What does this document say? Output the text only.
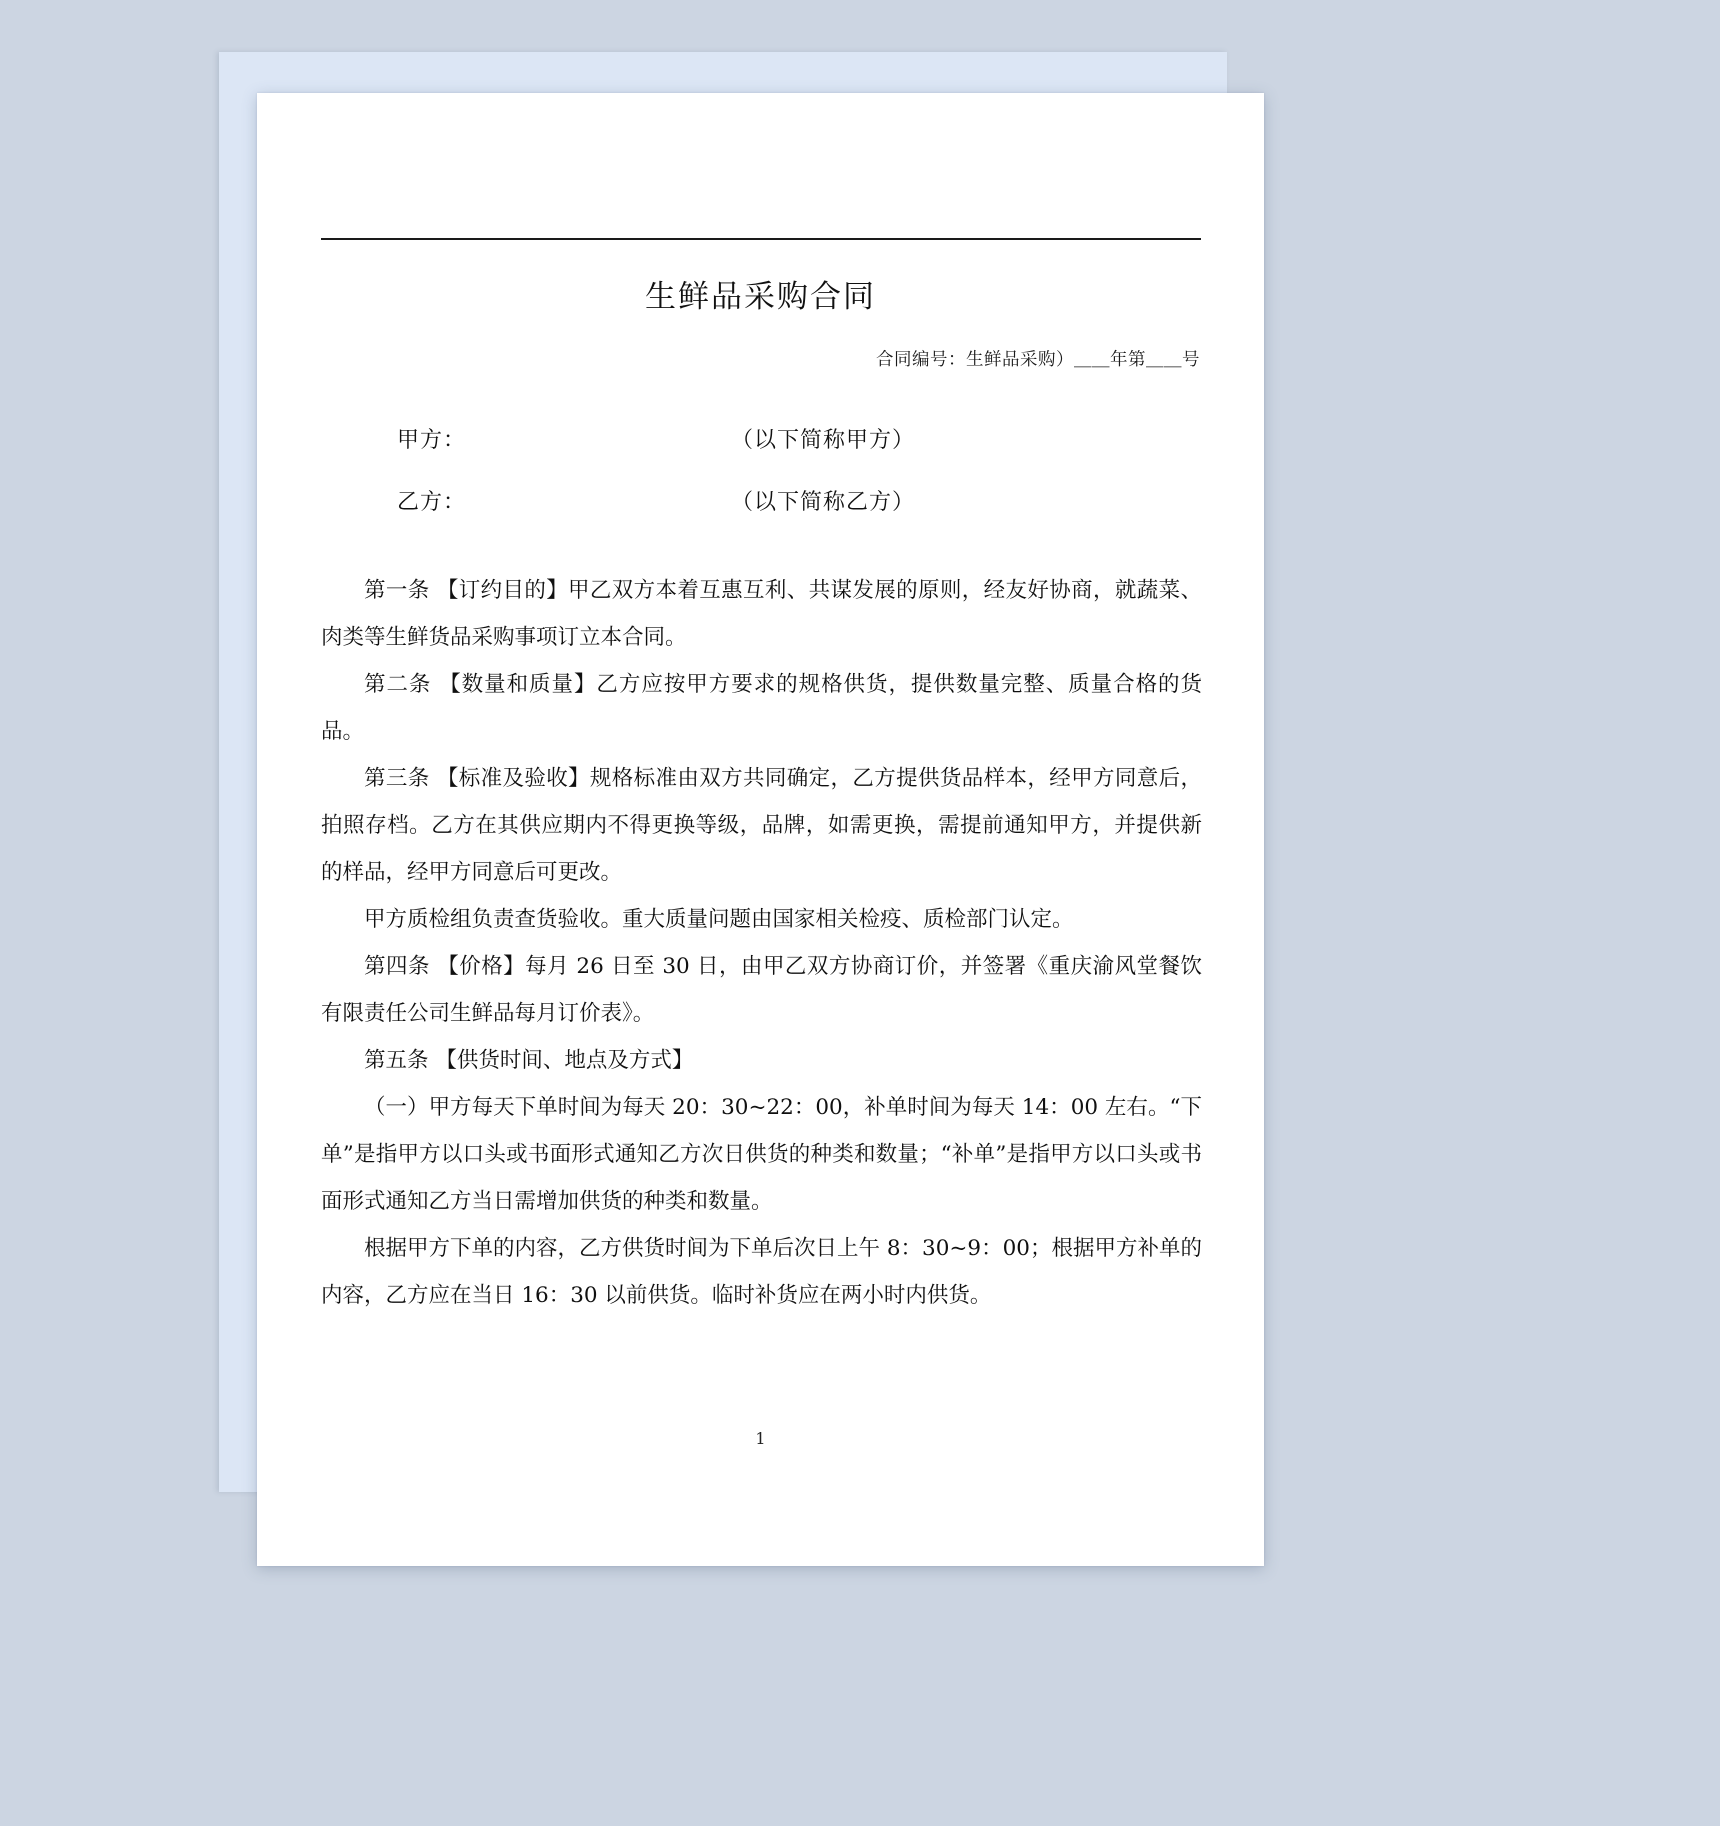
生鲜品采购合同
合同编号：生鲜品采购）＿＿年第＿＿号
甲方：	（以下简称甲方）
乙方：	（以下简称乙方）

第一条 【订约目的】甲乙双方本着互惠互利、共谋发展的原则，经友好协商，就蔬菜、肉类等生鲜货品采购事项订立本合同。

第二条 【数量和质量】乙方应按甲方要求的规格供货，提供数量完整、质量合格的货品。

第三条 【标准及验收】规格标准由双方共同确定，乙方提供货品样本，经甲方同意后，拍照存档。乙方在其供应期内不得更换等级，品牌，如需更换，需提前通知甲方，并提供新的样品，经甲方同意后可更改。

甲方质检组负责查货验收。重大质量问题由国家相关检疫、质检部门认定。

第四条 【价格】每月 26 日至 30 日，由甲乙双方协商订价，并签署《重庆渝风堂餐饮有限责任公司生鲜品每月订价表》。

第五条 【供货时间、地点及方式】

（一）甲方每天下单时间为每天 20：30~22：00，补单时间为每天 14：00 左右。“下单”是指甲方以口头或书面形式通知乙方次日供货的种类和数量；“补单”是指甲方以口头或书面形式通知乙方当日需增加供货的种类和数量。

根据甲方下单的内容，乙方供货时间为下单后次日上午 8：30~9：00；根据甲方补单的内容，乙方应在当日 16：30 以前供货。临时补货应在两小时内供货。

1
